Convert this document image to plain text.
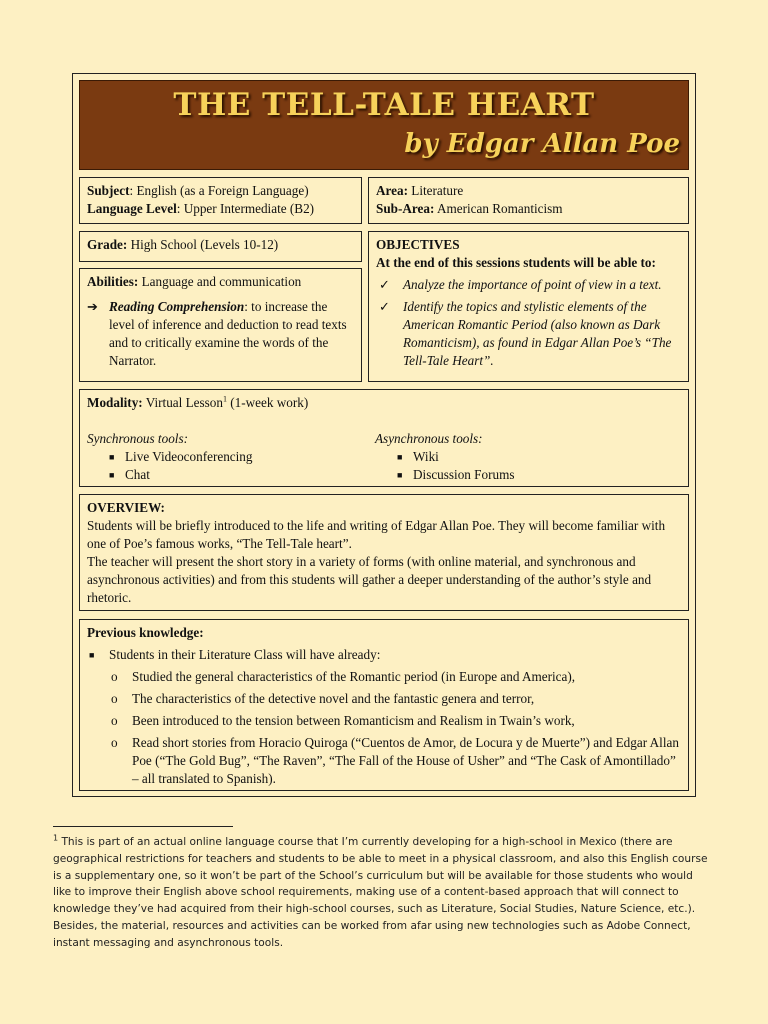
THE TELL-TALE HEART
by Edgar Allan Poe
Subject: English (as a Foreign Language)
Language Level: Upper Intermediate (B2)
Area: Literature
Sub-Area: American Romanticism
Grade: High School (Levels 10-12)
Abilities: Language and communication
➔ Reading Comprehension: to increase the level of inference and deduction to read texts and to critically examine the words of the Narrator.
OBJECTIVES
At the end of this sessions students will be able to:
✓ Analyze the importance of point of view in a text.
✓ Identify the topics and stylistic elements of the American Romantic Period (also known as Dark Romanticism), as found in Edgar Allan Poe’s “The Tell-Tale Heart”.
Modality: Virtual Lesson$^1$ (1-week work)
Synchronous tools:
■ Live Videoconferencing
■ Chat
Asynchronous tools:
■ Wiki
■ Discussion Forums
OVERVIEW:
Students will be briefly introduced to the life and writing of Edgar Allan Poe. They will become familiar with one of Poe’s famous works, “The Tell-Tale heart”.
The teacher will present the short story in a variety of forms (with online material, and synchronous and asynchronous activities) and from this students will gather a deeper understanding of the author’s style and rhetoric.
Previous knowledge:
■	Students in their Literature Class will have already:
o	Studied the general characteristics of the Romantic period (in Europe and America),
o	The characteristics of the detective novel and the fantastic genera and terror,
o	Been introduced to the tension between Romanticism and Realism in Twain’s work,
o	Read short stories from Horacio Quiroga (“Cuentos de Amor, de Locura y de Muerte”) and Edgar Allan Poe (“The Gold Bug”, “The Raven”, “The Fall of the House of Usher” and “The Cask of Amontillado” – all translated to Spanish).
$^1$ This is part of an actual online language course that I’m currently developing for a high-school in Mexico (there are geographical restrictions for teachers and students to be able to meet in a physical classroom, and also this English course is a supplementary one, so it won’t be part of the School’s curriculum but will be available for those students who would like to improve their English above school requirements, making use of a content-based approach that will connect to knowledge they’ve had acquired from their high-school courses, such as Literature, Social Studies, Nature Science, etc.). Besides, the material, resources and activities can be worked from afar using new technologies such as Adobe Connect, instant messaging and asynchronous tools.
